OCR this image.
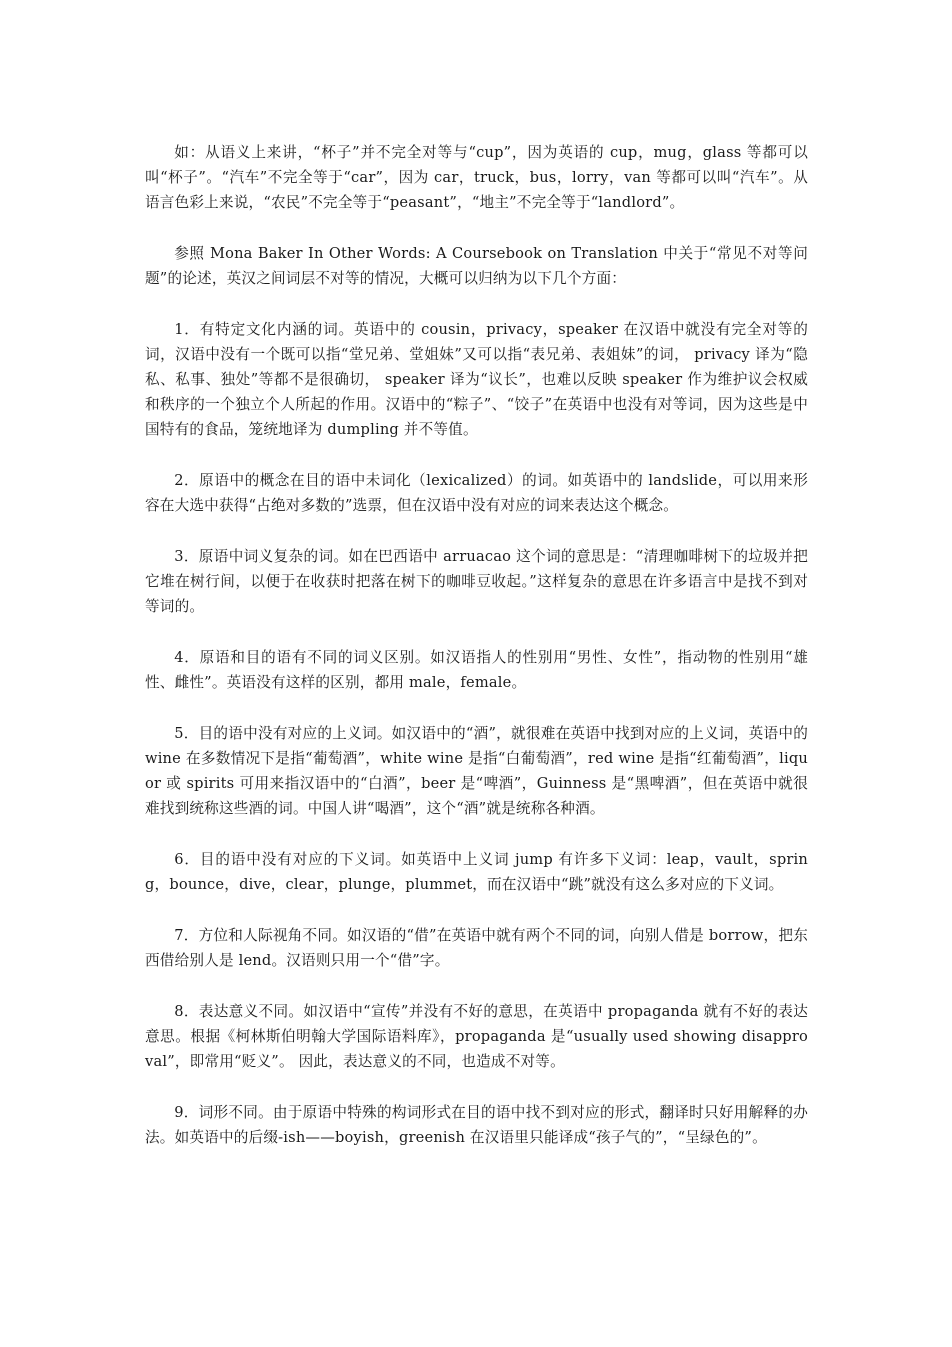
如：从语义上来讲，“杯子”并不完全对等与“cup”，因为英语的 cup，mug，glass 等都可以叫“杯子”。“汽车”不完全等于“car”，因为 car，truck，bus，lorry，van 等都可以叫“汽车”。从语言色彩上来说，“农民”不完全等于“peasant”，“地主”不完全等于“landlord”。

参照 Mona Baker In Other Words: A Coursebook on Translation 中关于“常见不对等问题”的论述，英汉之间词层不对等的情况，大概可以归纳为以下几个方面：

1．有特定文化内涵的词。英语中的 cousin，privacy，speaker 在汉语中就没有完全对等的词，汉语中没有一个既可以指“堂兄弟、堂姐妹”又可以指“表兄弟、表姐妹”的词， privacy 译为“隐私、私事、独处”等都不是很确切， speaker 译为“议长”，也难以反映 speaker 作为维护议会权威和秩序的一个独立个人所起的作用。汉语中的“粽子”、“饺子”在英语中也没有对等词，因为这些是中国特有的食品，笼统地译为 dumpling 并不等值。

2．原语中的概念在目的语中未词化（lexicalized）的词。如英语中的 landslide，可以用来形容在大选中获得“占绝对多数的”选票，但在汉语中没有对应的词来表达这个概念。

3．原语中词义复杂的词。如在巴西语中 arruacao 这个词的意思是：“清理咖啡树下的垃圾并把它堆在树行间，以便于在收获时把落在树下的咖啡豆收起。”这样复杂的意思在许多语言中是找不到对等词的。

4．原语和目的语有不同的词义区别。如汉语指人的性别用“男性、女性”，指动物的性别用“雄性、雌性”。英语没有这样的区别，都用 male，female。

5．目的语中没有对应的上义词。如汉语中的“酒”，就很难在英语中找到对应的上义词，英语中的 wine 在多数情况下是指“葡萄酒”，white wine 是指“白葡萄酒”，red wine 是指“红葡萄酒”，liquor 或 spirits 可用来指汉语中的“白酒”，beer 是“啤酒”，Guinness 是“黑啤酒”，但在英语中就很难找到统称这些酒的词。中国人讲“喝酒”，这个“酒”就是统称各种酒。

6．目的语中没有对应的下义词。如英语中上义词 jump 有许多下义词：leap，vault，spring，bounce，dive，clear，plunge，plummet，而在汉语中“跳”就没有这么多对应的下义词。

7．方位和人际视角不同。如汉语的“借”在英语中就有两个不同的词，向别人借是 borrow，把东西借给别人是 lend。汉语则只用一个“借”字。

8．表达意义不同。如汉语中“宣传”并没有不好的意思，在英语中 propaganda 就有不好的表达意思。根据《柯林斯伯明翰大学国际语料库》，propaganda 是“usually used showing disapproval”，即常用“贬义”。 因此，表达意义的不同，也造成不对等。

9．词形不同。由于原语中特殊的构词形式在目的语中找不到对应的形式，翻译时只好用解释的办法。如英语中的后缀-ish——boyish，greenish 在汉语里只能译成“孩子气的”，“呈绿色的”。
